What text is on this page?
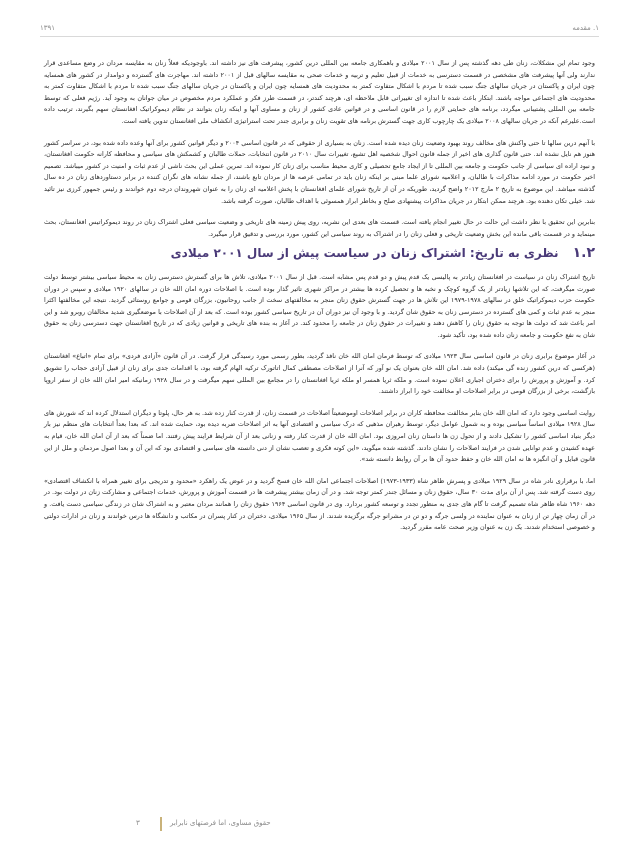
۱. مقدمه
۱۳۹۱

وجود تمام این مشکلات، زنان طی دهه گذشته پس از سال ۲۰۰۱ میلادی و باهمکاری جامعه بین المللی درین کشور، پیشرفت های نیز داشته اند. باوجودیکه فعلاً زنان به مقایسه مردان در وضع مساعدی قرار ندارند ولی آنها پیشرفت های مشخصی در قسمت دسترسی به خدمات از قبیل تعلیم و تربیه و خدمات صحی به مقایسه سالهای قبل از ۲۰۰۱ داشته اند. مهاجرت های گسترده و دوامدار در کشور های همسایه چون ایران و پاکستان در جریان سالهای جنگ سبب شده تا مردم با اشکال متفاوت کمتر به محدودیت های همسایه چون ایران و پاکستان در جریان سالهای جنگ سبب شده تا مردم با اشکال متفاوت کمتر به محدودیت های اجتماعی مواجه باشند. ابتکار باعث شده تا اندازه ای تغییراتی قابل ملاحظه ای، هرچند کندتر، در قسمت طرز فکر و عملکرد مردم مخصوص در میان جوانان به وجود آید. رژیم فعلی که توسط جامعه بین المللی پشتیبانی میگردد، برنامه های حمایتی لازم را در قانون اساسی و در قوانین عادی کشور از زنان و مساوی آنها و اینکه زنان بتوانند در نظام دیموکراتیک افغانستان سهم بگیرند، ترتیب داده است.علیرغم آنکه در جریان سالهای ۲۰۰۸ میلادی یک چارچوب کاری جهت گسترش برنامه های تقویت زنان و برابری جندر تحت استراتیژی انکشاف ملی افغانستان تدوین یافته است.

با آنهم درین سالها تا حتی واکنش های مخالف روند بهبود وضعیت زنان دیده شده است. زنان به بسیاری از حقوقی که در قانون اساسی ۲۰۰۴ و دیگر قوانین کشور برای آنها وعده داده شده بود، در سراسر کشور هنوز هم نایل نشده اند. حتی قانون گذاری های اخیر از جمله قانون احوال شخصیه اهل تشیع، تغییرات سال ۲۰۱۰ در قانون انتخابات، حملات طالبان و کشمکش های سیاسی و محافظه کارانه حکومت افغانستان، و نبود اراده ای سیاسی از جانب حکومت و جامعه بین المللی تا از ایجاد جامع تحصیلی و کاری محیط مناسب برای زنان کار نموده اند. تمرین عملی این بحث ناشی از عدم ثبات و امنیت در کشور میباشد. تصمیم اخیر حکومت در مورد ادامه مذاکرات با طالبان، و اعلامیه شورای علما مبنی بر اینکه زنان باید در تمامی عرصه ها از مردان تابع باشند، از جمله نشانه های نگران کننده در برابر دستاوردهای زنان در ده سال گذشته میباشد. این موضوع به تاریخ ۲ مارچ ۲۰۱۲ واضح گردید، طوریکه در آن از تاریخ شورای علمای افغانستان با پخش اعلامیه ای زنان را به عنوان شهروندان درجه دوم خواندند و رئیس جمهور کرزی نیز تائید شد. خیلی تکان دهنده بود. هرچند ممکن ابتکار در جریان مذاکرات پیشنهادی صلح و بخاطر ابراز همسوئی با اهداف طالبان، صورت گرفته باشد.

بنابرین این تحقیق با نظر داشت این حالت در حال تغییر انجام یافته است. قسمت های بعدی این نشریه، روی پیش زمینه های تاریخی و وضعیت سیاسی فعلی اشتراک زنان در روند دیموکراتیس افغانستان، بحث مینماید و در قسمت باقی مانده این بخش وضعیت تاریخی و فعلی زنان را در اشتراک به روند سیاسی این کشور، مورد بررسی و تدقیق قرار میگیرد.

۱.۲
نظری به تاریخ: اشتراک زنان در سیاست پیش از سال ۲۰۰۱ میلادی

تاریخ اشتراک زنان در سیاست در افغانستان زیادتر به پالیسی یک قدم پیش و دو قدم پس مشابه است. قبل از سال ۲۰۰۱ میلادی، تلاش ها برای گسترش دسترسی زنان به محیط سیاسی بیشتر توسط دولت صورت میگرفت، که این تلاشها زیادتر از یک گروه کوچک و نخبه ها و تحصیل کرده ها بیشتر در مراکز شهری تاثیر گذار بوده است. با اصلاحات دوره امان الله خان در سالهای ۱۹۲۰ میلادی و سپس در دوران حکومت حزب دیموکراتیک خلق در سالهای ۱۹۷۸-۱۹۷۹ این تلاش ها در جهت گسترش حقوق زنان منجر به مخالفتهای سخت از جانب روحانیون، بزرگان قومی و جوامع روستائی گردید. نتیجه این مخالفتها اکثرا منجر به عدم ثبات و کمی های گسترده در دسترسی زنان به حقوق شان گردید. و با وجود آن نیز دوران آن در تاریخ سیاسی کشور بوده است. که بعد از آن اصلاحات با موضعگیری شدید مخالفان روبرو شد و این امر باعث شد که دولت ها توجه به حقوق زنان را کاهش دهند و تغییرات در حقوق زنان در جامعه را محدود کند. در آغاز به بنده های تاریخی و قوانین زیادی که در تاریخ افغانستان جهت دسترسی زنان به حقوق شان به نفع حکومت و جامعه زنان داده شده بود، تأکید شود.

در آغاز موضوع برابری زنان در قانون اساسی سال ۱۹۲۳ میلادی که توسط فرمان امان الله خان نافذ گردید، بطور رسمی مورد رسیدگی قرار گرفت. در آن قانون «آزادی فردی» برای تمام «اتباع» افغانستان (هرکسی که درین کشور زنده گی میکند) داده شد. امان الله خان بعنوان یک نو آور که آنرا از اصلاحات مصطفی کمال اتاتورک ترکیه الهام گرفته بود، با اقدامات جدی برای زنان از قبیل آزادی حجاب را تشویق کرد. و آموزش و پرورش را برای دختران اجباری اعلان نموده است. و ملکه ثریا همسر او ملکه ثریا افغانستان را در مجامع بین المللی سهم میگرفت و در سال ۱۹۲۸ زمانیکه امیر امان الله خان از سفر اروپا بازگشت، برخی از بزرگان قومی در برابر اصلاحات او مخالفت خود را ابراز داشتند.

روایت اساسی وجود دارد که امان الله خان بنابر مخالفت محافظه کاران در برابر اصلاحات اوموضعیتاً اصلاحات در قسمت زنان، از قدرت کنار زده شد. به هر حال، پلوتا و دیگران استدلال کرده اند که شورش های سال ۱۹۲۸ میلادی اساساً سیاسی بوده و به شمول عوامل دیگر، توسط رهبران مذهبی که درک سیاسی و اقتصادی آنها به اثر اصلاحات ضربه دیده بود، حمایت شده اند. که بعدا بعداً انتخابات های منظم نیز بار دیگر بنیاد اساسی کشور را تشکیل دادند و از تحول زن ها داستان زنان امروزی بود. امان الله خان از قدرت کنار رفته و زنانی بعد از آن شرایط فرایند پیش رفتند. اما ضمناً که بعد از آن امان الله خان، قیام به عهده کشیدن و عدم توانایی شدن در فرایند اصلاحات را نشان دادند. گذشته شده میگوید، «این کوته فکری و تعصب نشان از دنی دانسته های سیاسی و اقتصادی بود که این آن و بعدا اصول مردمان و ملل از این قانون قبایل و آن انگیزه ها نه امان الله خان و حفظ حدود آن ها بر آن روابط دانسته شد».

اما، با برقراری نادر شاه در سال ۱۹۲۹ میلادی و پسرش ظاهر شاه (۱۹۳۳-۱۹۷۳) اصلاحات اجتماعی امان الله خان فسخ گردید و در عوض یک راهکرد «محدود و تدریجی برای تغییر همراه با انکشاف اقتصادی» روی دست گرفته شد. پس از آن برای مدت ۳۰ سال، حقوق زنان و مسائل جندر کمتر توجه شد. و در آن زمان بیشتر پیشرفت ها در قسمت آموزش و پرورش، خدمات اجتماعی و مشارکت زنان در دولت بود. در دهه ۱۹۶۰ شاه ظاهر شاه تصمیم گرفت تا گام های جدی به منظور تجدد و توسعه کشور بردارد. وی در قانون اساسی ۱۹۶۴ حقوق زنان را همانند مردان معتبر و به اشتراک شان در زندگی سیاسی دست یافت. و در آن زمان چهار تن از زنان به عنوان نماینده در ولسی جرگه و دو تن در مشرانو جرگه برگزیده شدند. از سال ۱۹۶۵ میلادی، دختران در کنار پسران در مکاتب و دانشگاه ها درس خواندند و زنان در ادارات دولتی و خصوصی استخدام شدند. یک زن به عنوان وزیر صحت عامه مقرر گردید.

۳	حقوق مساوی، اما فرصتهای نابرابر
